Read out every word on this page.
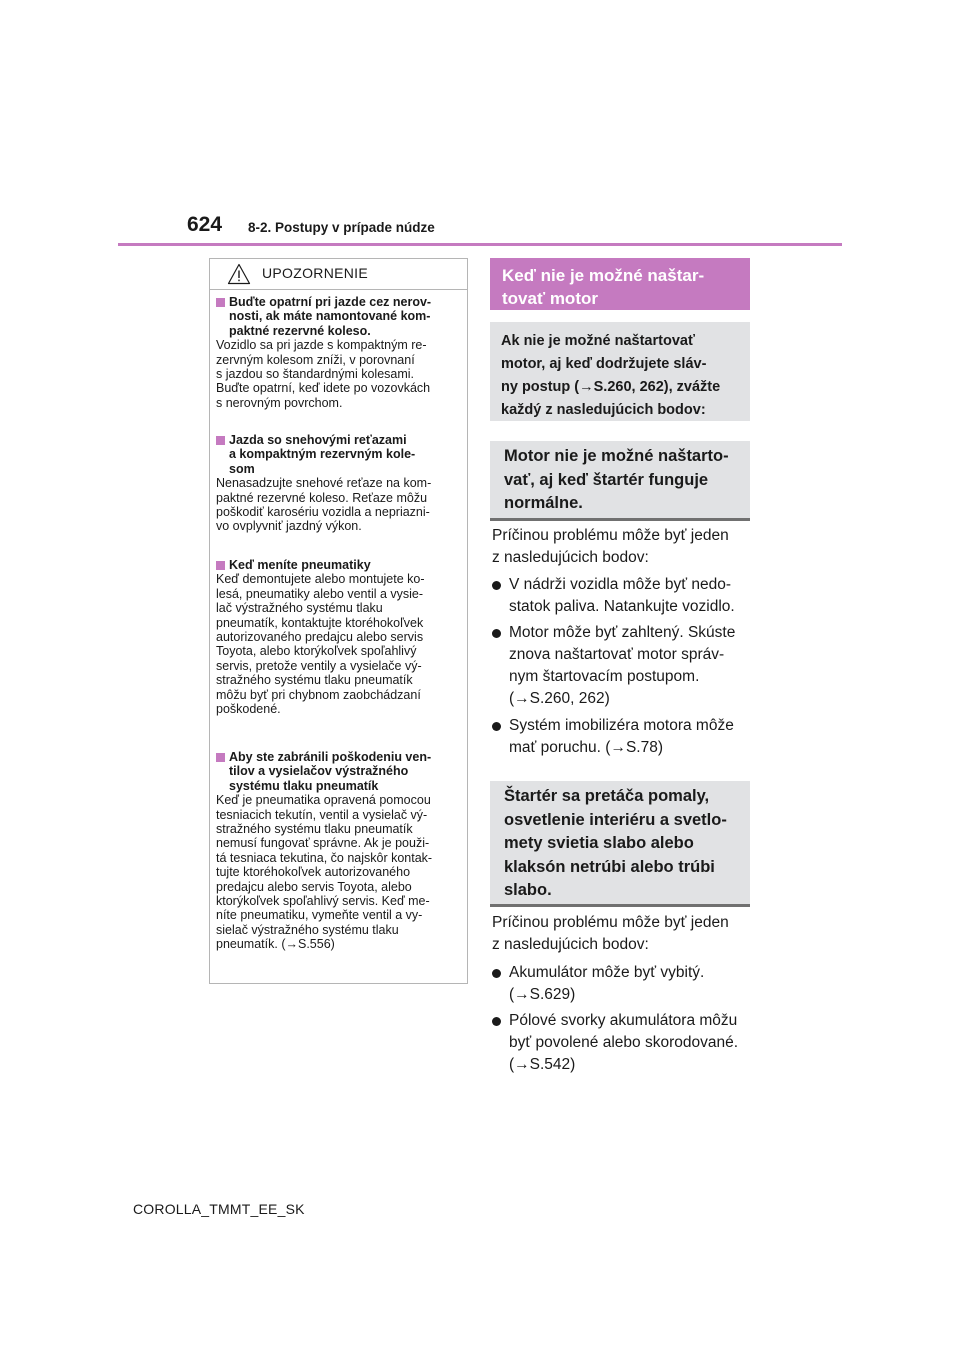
624 8-2. Postupy v prípade núdze
UPOZORNENIE
Buďte opatrní pri jazde cez nerov-
nosti, ak máte namontované kom-
paktné rezervné koleso.
Vozidlo sa pri jazde s kompaktným re-
zervným kolesom zníži, v porovnaní
s jazdou so štandardnými kolesami.
Buďte opatrní, keď idete po vozovkách
s nerovným povrchom.
Jazda so snehovými reťazami
a kompaktným rezervným kole-
som
Nenasadzujte snehové reťaze na kom-
paktné rezervné koleso. Reťaze môžu
poškodiť karosériu vozidla a nepriazni-
vo ovplyvniť jazdný výkon.
Keď meníte pneumatiky
Keď demontujete alebo montujete ko-
lesá, pneumatiky alebo ventil a vysie-
lač výstražného systému tlaku
pneumatík, kontaktujte ktoréhokoľvek
autorizovaného predajcu alebo servis
Toyota, alebo ktorýkoľvek spoľahlivý
servis, pretože ventily a vysielače vý-
stražného systému tlaku pneumatík
môžu byť pri chybnom zaobchádzaní
poškodené.
Aby ste zabránili poškodeniu ven-
tilov a vysielačov výstražného
systému tlaku pneumatík
Keď je pneumatika opravená pomocou
tesniacich tekutín, ventil a vysielač vý-
stražného systému tlaku pneumatík
nemusí fungovať správne. Ak je použi-
tá tesniaca tekutina, čo najskôr kontak-
tujte ktoréhokoľvek autorizovaného
predajcu alebo servis Toyota, alebo
ktorýkoľvek spoľahlivý servis. Keď me-
níte pneumatiku, vymeňte ventil a vy-
sielač výstražného systému tlaku
pneumatík. (→S.556)
Keď nie je možné naštar-
tovať motor
Ak nie je možné naštartovať
motor, aj keď dodržujete sláv-
ny postup (→S.260, 262), zvážte
každý z nasledujúcich bodov:
Motor nie je možné naštarto-
vať, aj keď štartér funguje
normálne.
Príčinou problému môže byť jeden
z nasledujúcich bodov:
V nádrži vozidla môže byť nedo-
statok paliva. Natankujte vozidlo.
Motor môže byť zahltený. Skúste
znova naštartovať motor správ-
nym štartovacím postupom.
(→S.260, 262)
Systém imobilizéra motora môže
mať poruchu. (→S.78)
Štartér sa pretáča pomaly,
osvetlenie interiéru a svetlo-
mety svietia slabo alebo
klaksón netrúbi alebo trúbi
slabo.
Príčinou problému môže byť jeden
z nasledujúcich bodov:
Akumulátor môže byť vybitý.
(→S.629)
Pólové svorky akumulátora môžu
byť povolené alebo skorodované.
(→S.542)
COROLLA_TMMT_EE_SK
